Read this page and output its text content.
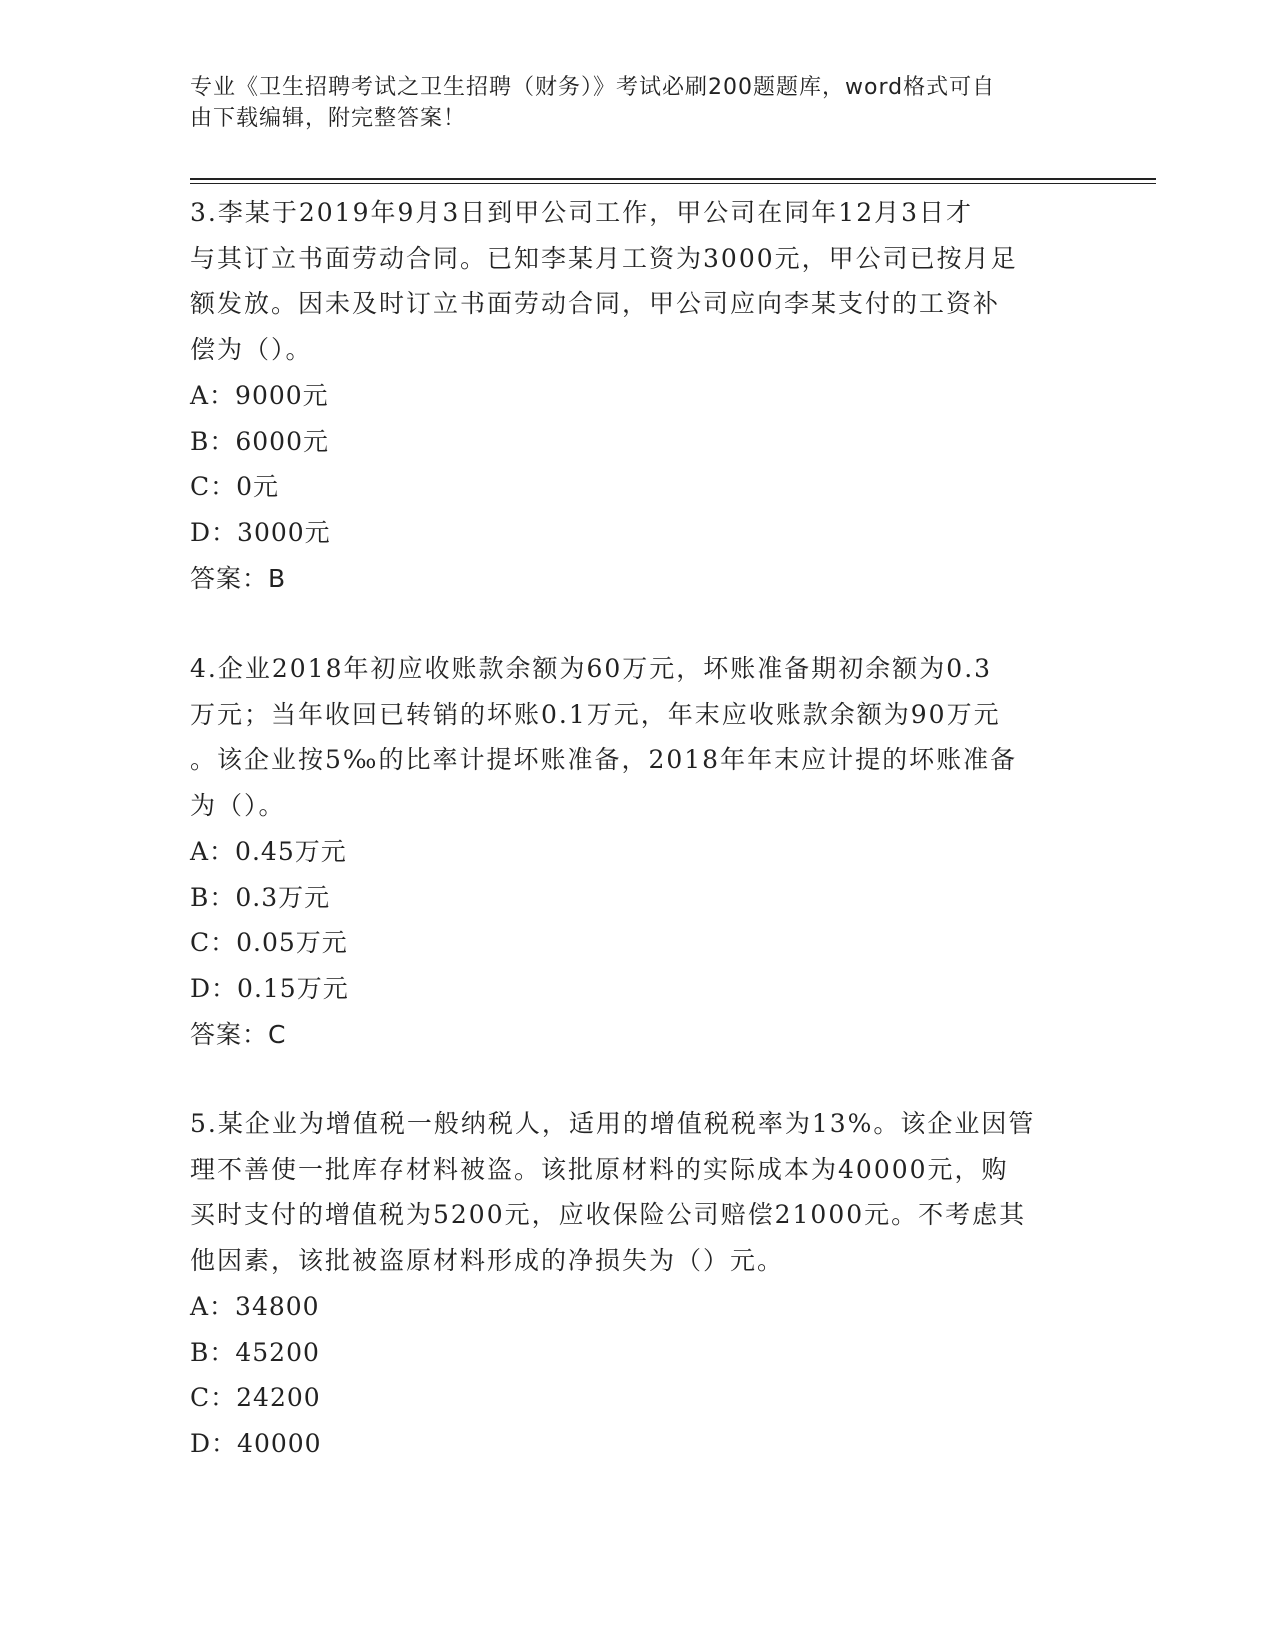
专业《卫生招聘考试之卫生招聘（财务）》考试必刷200题题库，word格式可自
由下载编辑，附完整答案！
3.李某于2019年9月3日到甲公司工作，甲公司在同年12月3日才
与其订立书面劳动合同。已知李某月工资为3000元，甲公司已按月足
额发放。因未及时订立书面劳动合同，甲公司应向李某支付的工资补
偿为（）。
A：9000元
B：6000元
C：0元
D：3000元
答案：B
4.企业2018年初应收账款余额为60万元，坏账准备期初余额为0.3
万元；当年收回已转销的坏账0.1万元，年末应收账款余额为90万元
。该企业按5‰的比率计提坏账准备，2018年年末应计提的坏账准备
为（）。
A：0.45万元
B：0.3万元
C：0.05万元
D：0.15万元
答案：C
5.某企业为增值税一般纳税人，适用的增值税税率为13%。该企业因管
理不善使一批库存材料被盗。该批原材料的实际成本为40000元，购
买时支付的增值税为5200元，应收保险公司赔偿21000元。不考虑其
他因素，该批被盗原材料形成的净损失为（）元。
A：34800
B：45200
C：24200
D：40000
